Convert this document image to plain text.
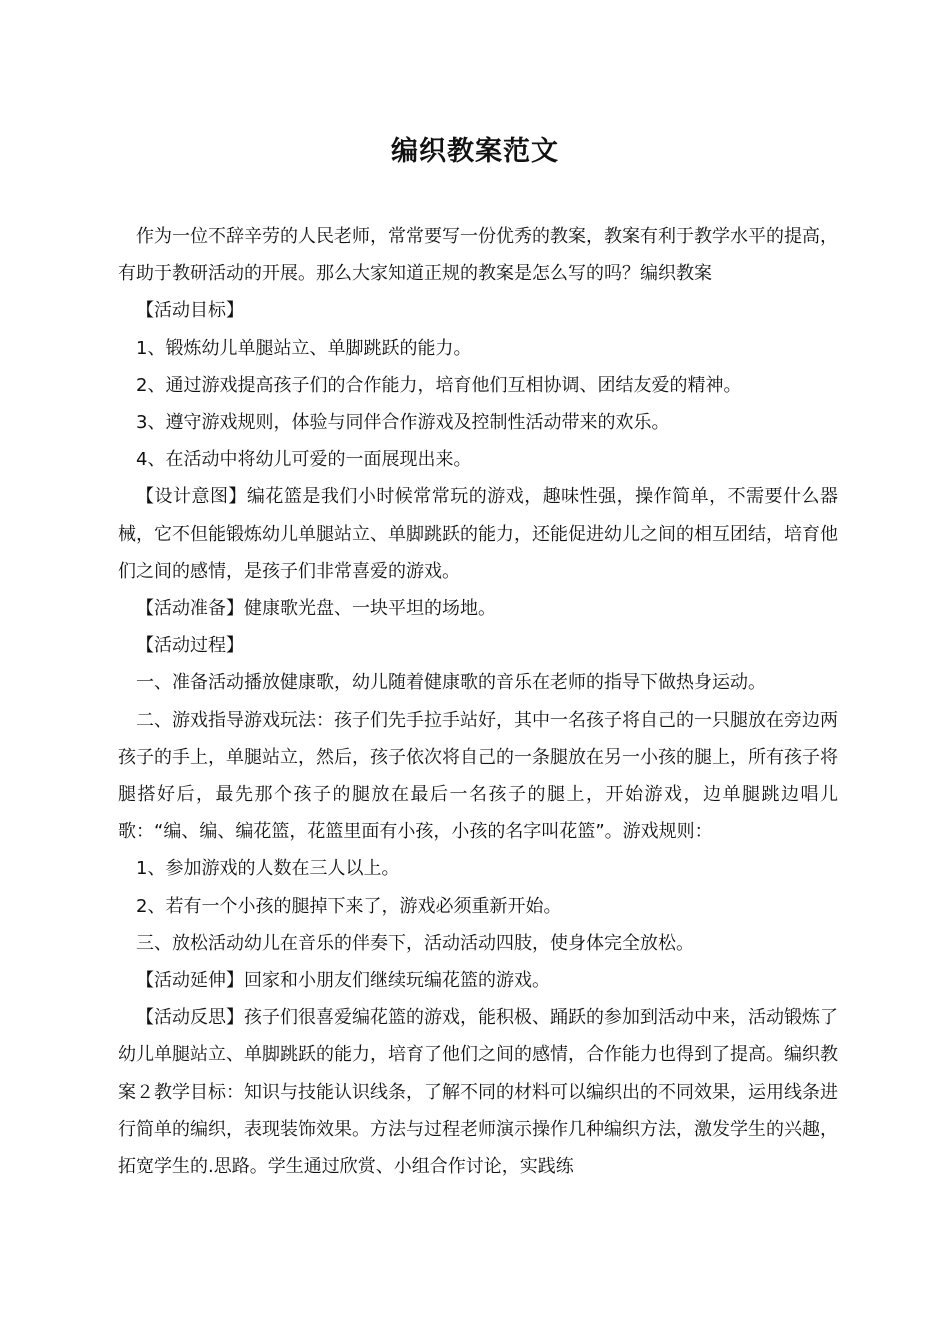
编织教案范文

作为一位不辞辛劳的人民老师，常常要写一份优秀的教案，教案有利于教学水平的提高，有助于教研活动的开展。那么大家知道正规的教案是怎么写的吗？编织教案

【活动目标】

1、锻炼幼儿单腿站立、单脚跳跃的能力。

2、通过游戏提高孩子们的合作能力，培育他们互相协调、团结友爱的精神。

3、遵守游戏规则，体验与同伴合作游戏及控制性活动带来的欢乐。

4、在活动中将幼儿可爱的一面展现出来。

【设计意图】编花篮是我们小时候常常玩的游戏，趣味性强，操作简单，不需要什么器械，它不但能锻炼幼儿单腿站立、单脚跳跃的能力，还能促进幼儿之间的相互团结，培育他们之间的感情，是孩子们非常喜爱的游戏。

【活动准备】健康歌光盘、一块平坦的场地。

【活动过程】

一、准备活动播放健康歌，幼儿随着健康歌的音乐在老师的指导下做热身运动。

二、游戏指导游戏玩法：孩子们先手拉手站好，其中一名孩子将自己的一只腿放在旁边两孩子的手上，单腿站立，然后，孩子依次将自己的一条腿放在另一小孩的腿上，所有孩子将腿搭好后，最先那个孩子的腿放在最后一名孩子的腿上，开始游戏，边单腿跳边唱儿歌：“编、编、编花篮，花篮里面有小孩，小孩的名字叫花篮”。游戏规则：

1、参加游戏的人数在三人以上。

2、若有一个小孩的腿掉下来了，游戏必须重新开始。

三、放松活动幼儿在音乐的伴奏下，活动活动四肢，使身体完全放松。

【活动延伸】回家和小朋友们继续玩编花篮的游戏。

【活动反思】孩子们很喜爱编花篮的游戏，能积极、踊跃的参加到活动中来，活动锻炼了幼儿单腿站立、单脚跳跃的能力，培育了他们之间的感情，合作能力也得到了提高。编织教案２教学目标：知识与技能认识线条，了解不同的材料可以编织出的不同效果，运用线条进行简单的编织，表现装饰效果。方法与过程老师演示操作几种编织方法，激发学生的兴趣，拓宽学生的.思路。学生通过欣赏、小组合作讨论，实践练
